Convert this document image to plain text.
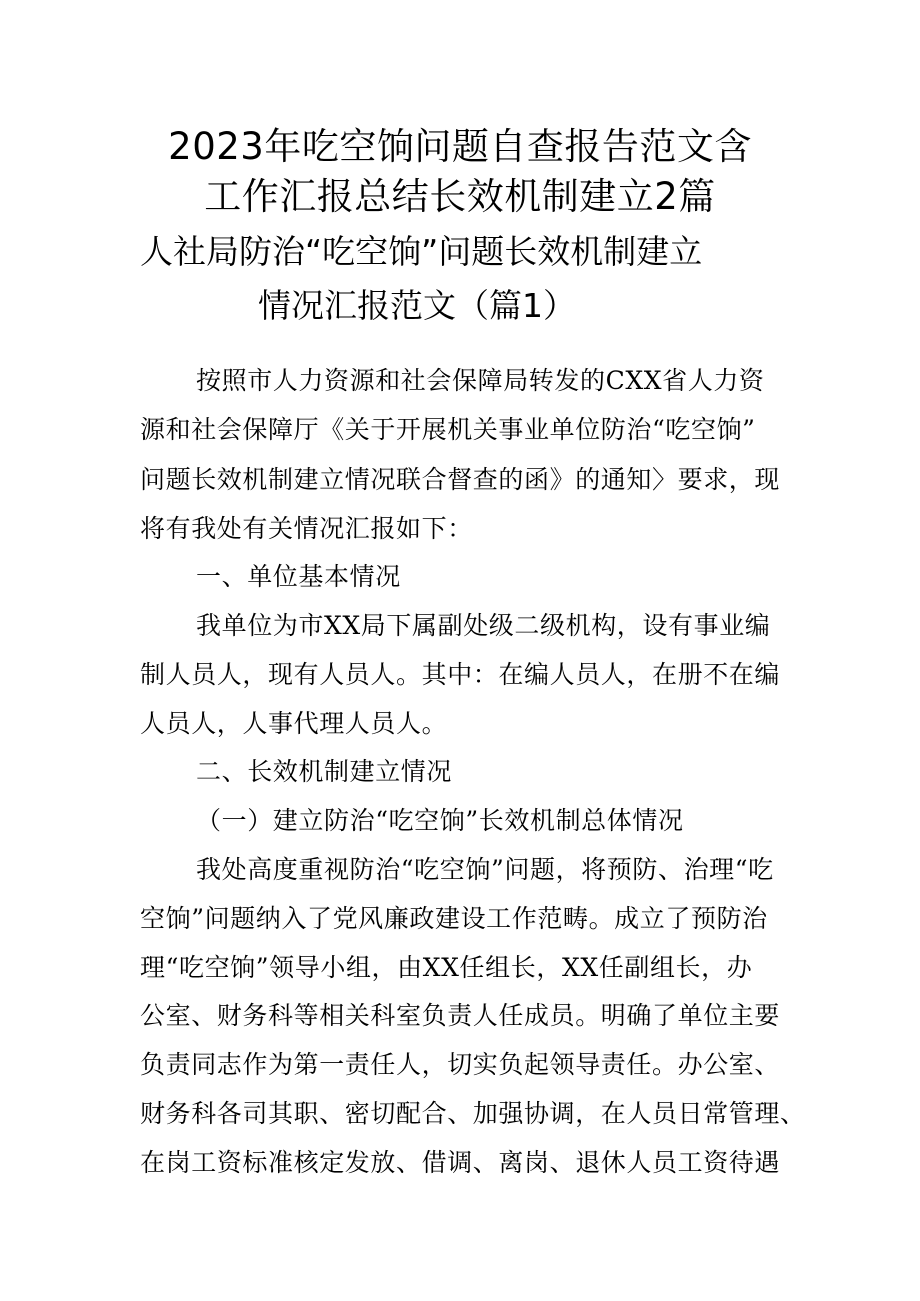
2023年吃空饷问题自查报告范文含
工作汇报总结长效机制建立2篇
人社局防治“吃空饷”问题长效机制建立
情况汇报范文（篇1）
按照市人力资源和社会保障局转发的CXX省人力资
源和社会保障厅《关于开展机关事业单位防治“吃空饷”
问题长效机制建立情况联合督查的函》的通知〉要求，现
将有我处有关情况汇报如下：
一、单位基本情况
我单位为市XX局下属副处级二级机构，设有事业编
制人员人，现有人员人。其中：在编人员人，在册不在编
人员人，人事代理人员人。
二、长效机制建立情况
（一）建立防治“吃空饷”长效机制总体情况
我处高度重视防治“吃空饷”问题，将预防、治理“吃
空饷”问题纳入了党风廉政建设工作范畴。成立了预防治
理“吃空饷”领导小组，由XX任组长，XX任副组长，办
公室、财务科等相关科室负责人任成员。明确了单位主要
负责同志作为第一责任人，切实负起领导责任。办公室、
财务科各司其职、密切配合、加强协调，在人员日常管理、
在岗工资标准核定发放、借调、离岗、退休人员工资待遇
